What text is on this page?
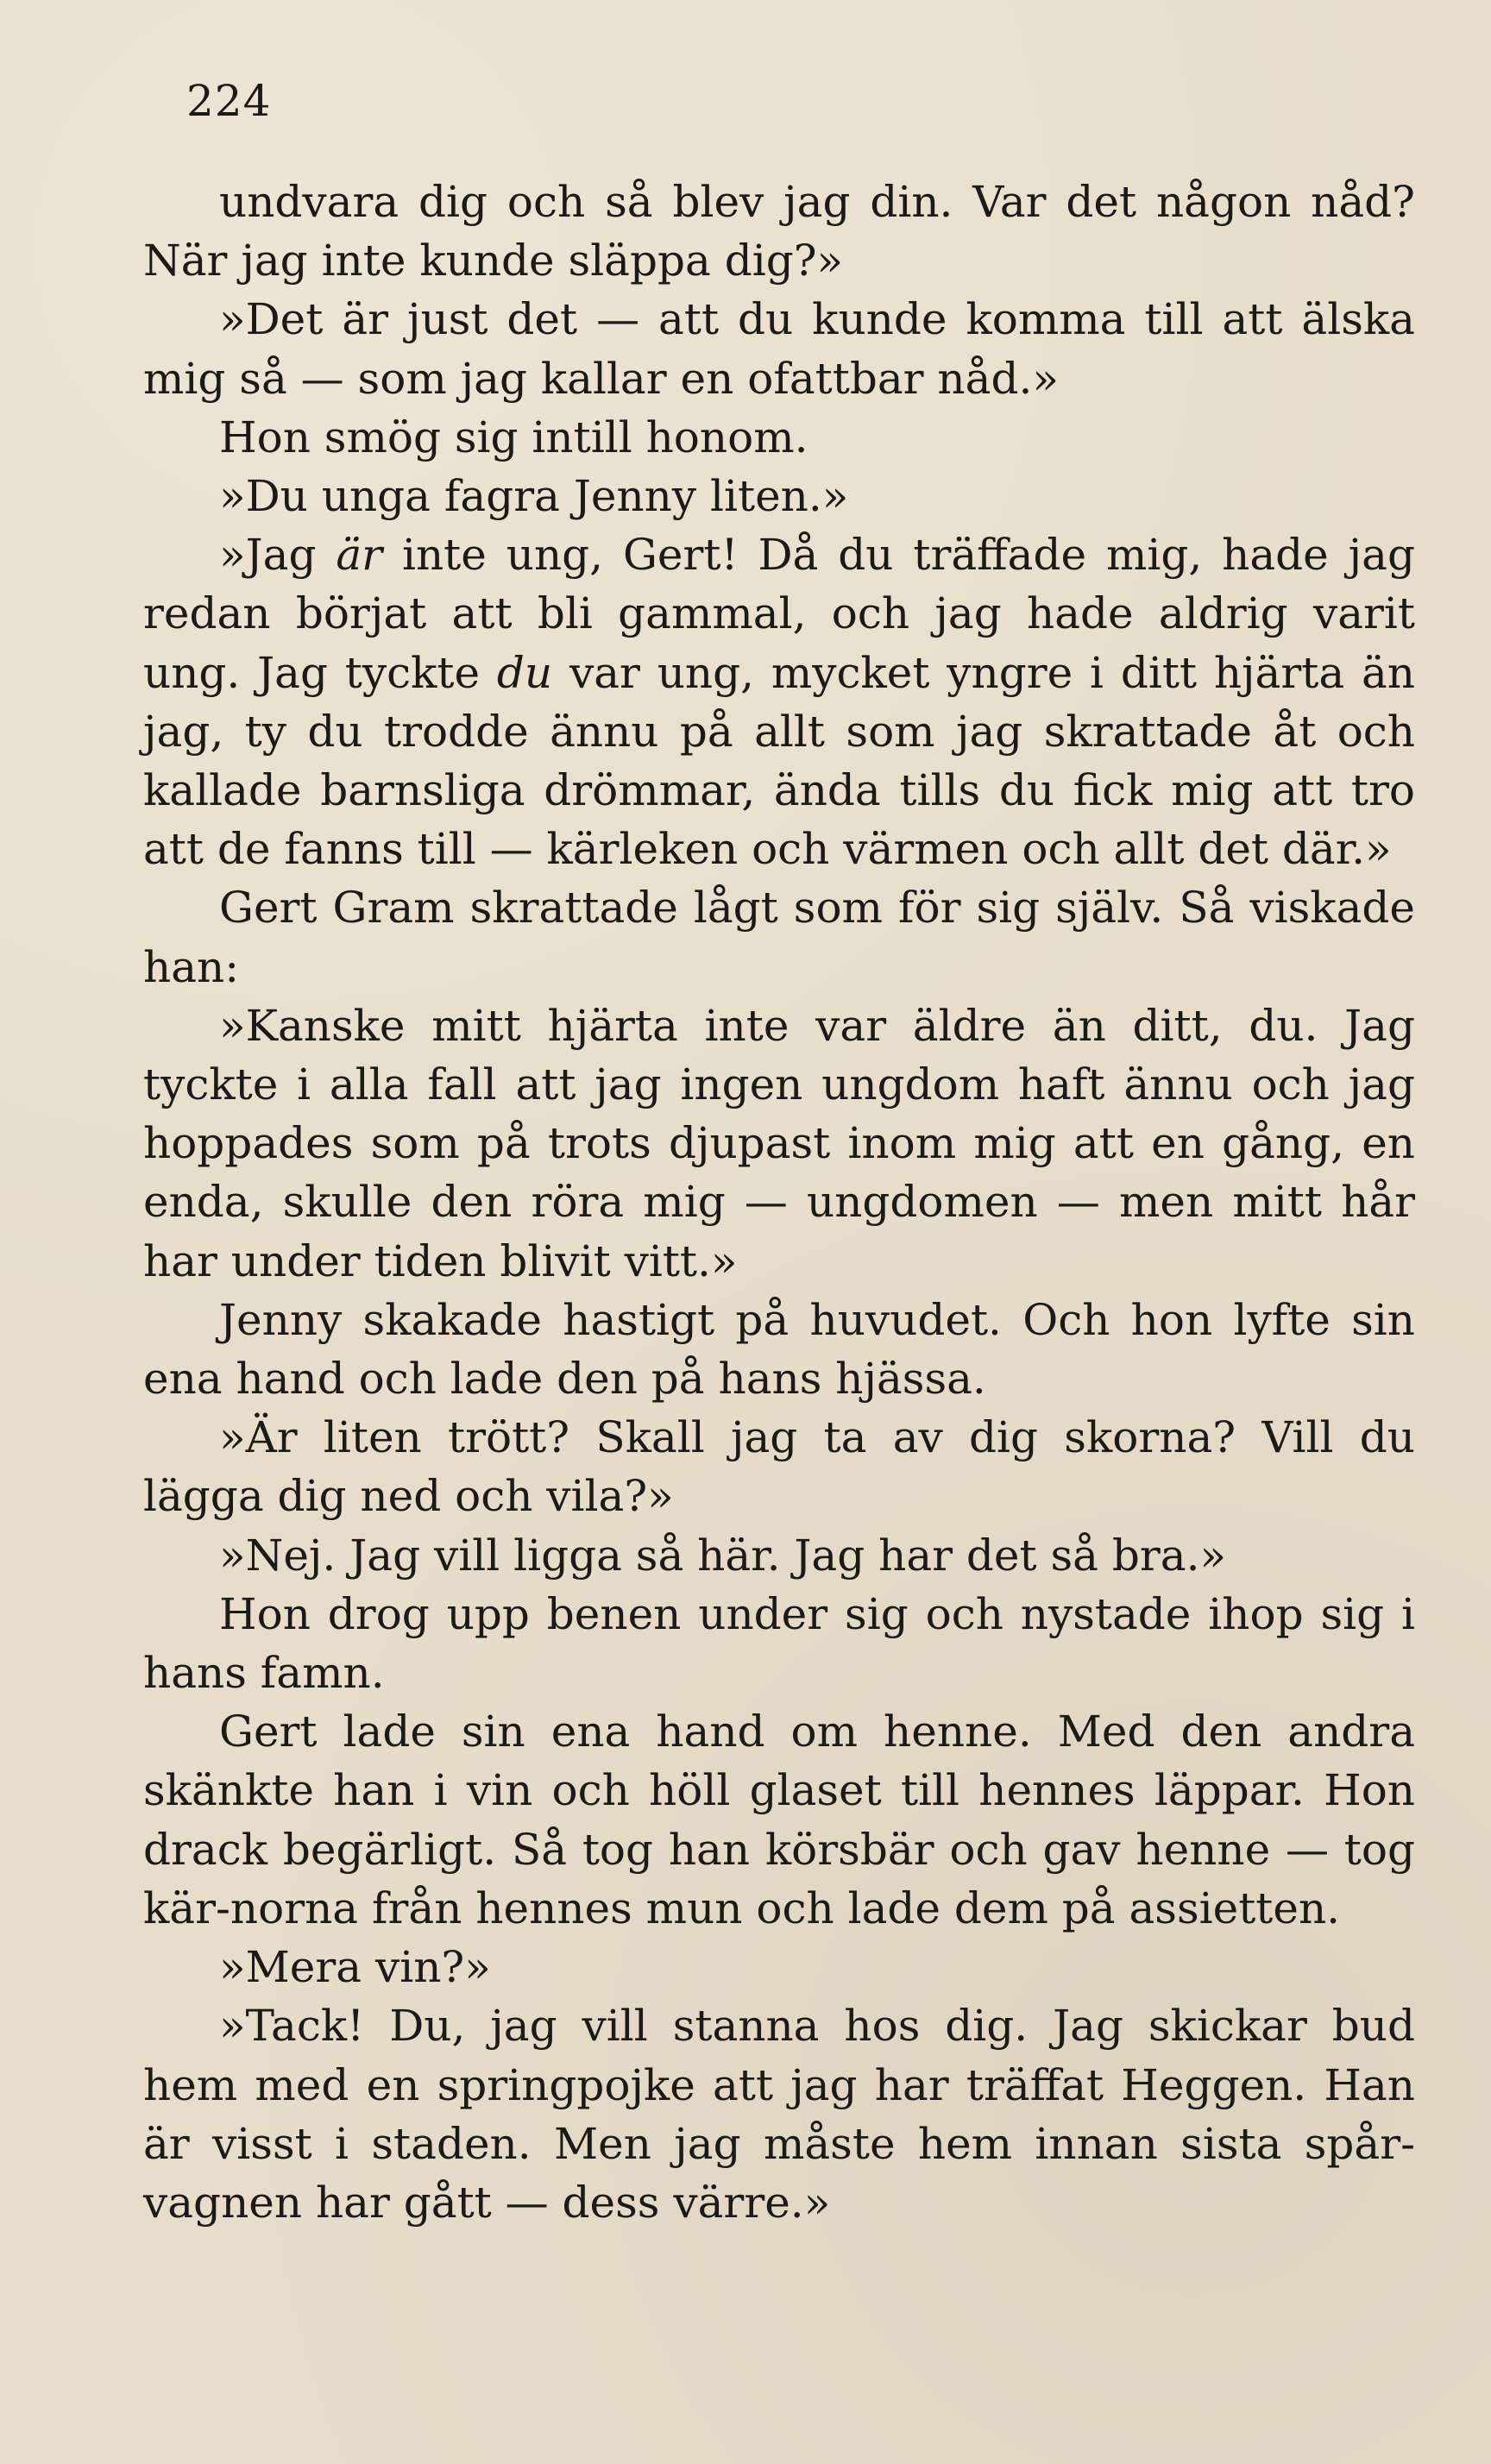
224

undvara dig och så blev jag din. Var det någon nåd? När jag inte kunde släppa dig?»

»Det är just det — att du kunde komma till att älska mig så — som jag kallar en ofattbar nåd.»

Hon smög sig intill honom.

»Du unga fagra Jenny liten.»

»Jag är inte ung, Gert! Då du träffade mig, hade jag redan börjat att bli gammal, och jag hade aldrig varit ung. Jag tyckte du var ung, mycket yngre i ditt hjärta än jag, ty du trodde ännu på allt som jag skrattade åt och kallade barnsliga drömmar, ända tills du fick mig att tro att de fanns till — kärleken och värmen och allt det där.»

Gert Gram skrattade lågt som för sig själv. Så viskade han:

»Kanske mitt hjärta inte var äldre än ditt, du. Jag tyckte i alla fall att jag ingen ungdom haft ännu och jag hoppades som på trots djupast inom mig att en gång, en enda, skulle den röra mig — ungdomen — men mitt hår har under tiden blivit vitt.»

Jenny skakade hastigt på huvudet. Och hon lyfte sin ena hand och lade den på hans hjässa.

»Är liten trött? Skall jag ta av dig skorna? Vill du lägga dig ned och vila?»

»Nej. Jag vill ligga så här. Jag har det så bra.»

Hon drog upp benen under sig och nystade ihop sig i hans famn.

Gert lade sin ena hand om henne. Med den andra skänkte han i vin och höll glaset till hennes läppar. Hon drack begärligt. Så tog han körsbär och gav henne — tog kär-norna från hennes mun och lade dem på assietten.

»Mera vin?»

»Tack! Du, jag vill stanna hos dig. Jag skickar bud hem med en springpojke att jag har träffat Heggen. Han är visst i staden. Men jag måste hem innan sista spår-vagnen har gått — dess värre.»
